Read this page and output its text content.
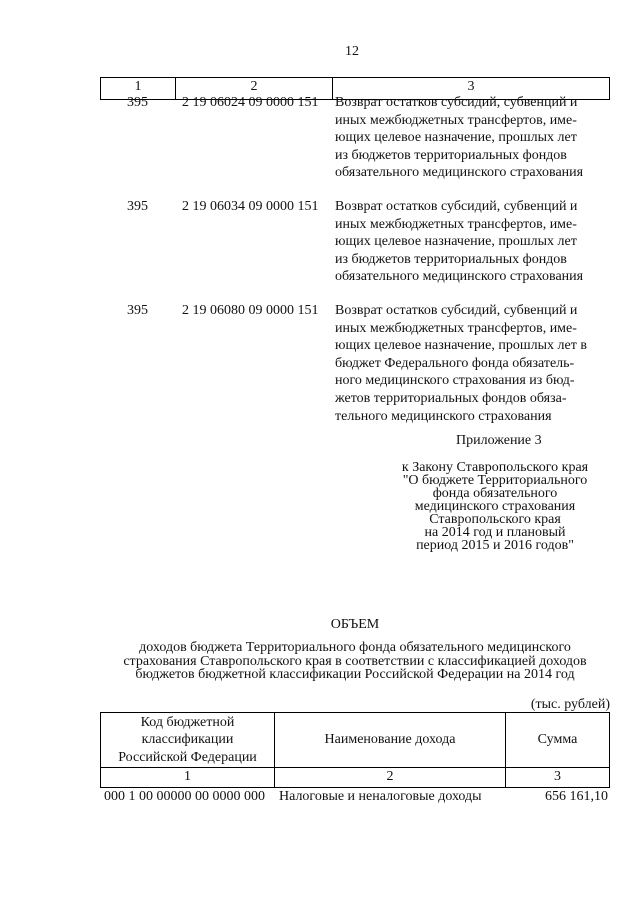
12
1	2	3
395	2 19 06024 09 0000 151 Возврат остатков субсидий, субвенций и
иных межбюджетных трансфертов, име-
ющих целевое назначение, прошлых лет
из бюджетов территориальных фондов
обязательного медицинского страхования
395	2 19 06034 09 0000 151 Возврат остатков субсидий, субвенций и
иных межбюджетных трансфертов, име-
ющих целевое назначение, прошлых лет
из бюджетов территориальных фондов
обязательного медицинского страхования
395	2 19 06080 09 0000 151 Возврат остатков субсидий, субвенций и
иных межбюджетных трансфертов, име-
ющих целевое назначение, прошлых лет в
бюджет Федерального фонда обязатель-
ного медицинского страхования из бюд-
жетов территориальных фондов обяза-
тельного медицинского страхования
Приложение 3
к Закону Ставропольского края
"О бюджете Территориального
фонда обязательного
медицинского страхования
Ставропольского края
на 2014 год и плановый
период 2015 и 2016 годов"
ОБЪЕМ
доходов бюджета Территориального фонда обязательного медицинского
страхования Ставропольского края в соответствии с классификацией доходов
бюджетов бюджетной классификации Российской Федерации на 2014 год
(тыс. рублей)
Код бюджетной
классификации
Российской Федерации
Наименование дохода	Сумма
1	2	3
000 1 00 00000 00 0000 000 Налоговые и неналоговые доходы	656 161,10
